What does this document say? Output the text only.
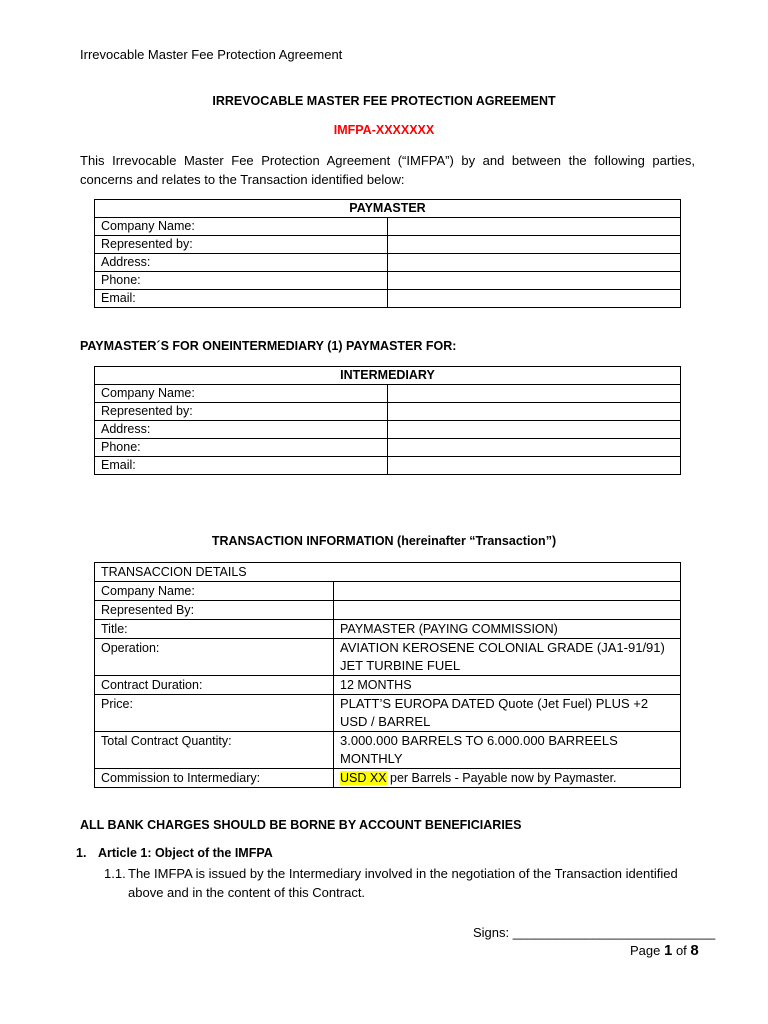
Irrevocable Master Fee Protection Agreement
IRREVOCABLE MASTER FEE PROTECTION AGREEMENT
IMFPA-XXXXXXX
This Irrevocable Master Fee Protection Agreement (“IMFPA”) by and between the following parties, concerns and relates to the Transaction identified below:
PAYMASTER	
Company Name:	
Represented by:	
Address:	
Phone:	
Email:	
PAYMASTER´S FOR ONEINTERMEDIARY (1) PAYMASTER FOR:
INTERMEDIARY	
Company Name:	
Represented by:	
Address:	
Phone:	
Email:	
TRANSACTION INFORMATION (hereinafter “Transaction”)
TRANSACCION DETAILS	
Company Name:	
Represented By:	
Title:	PAYMASTER (PAYING COMMISSION)
Operation:	AVIATION KEROSENE COLONIAL GRADE (JA1-91/91) JET TURBINE FUEL
Contract Duration:	12 MONTHS
Price:	PLATT’S EUROPA DATED Quote (Jet Fuel) PLUS +2 USD / BARREL
Total Contract Quantity:	3.000.000 BARRELS TO 6.000.000 BARREELS MONTHLY
Commission to Intermediary:	USD XX per Barrels - Payable now by Paymaster.
ALL BANK CHARGES SHOULD BE BORNE BY ACCOUNT BENEFICIARIES
1. Article 1: Object of the IMFPA
1.1. The IMFPA is issued by the Intermediary involved in the negotiation of the Transaction identified
above and in the content of this Contract.
Signs: ____________________________
Page 1 of 8
